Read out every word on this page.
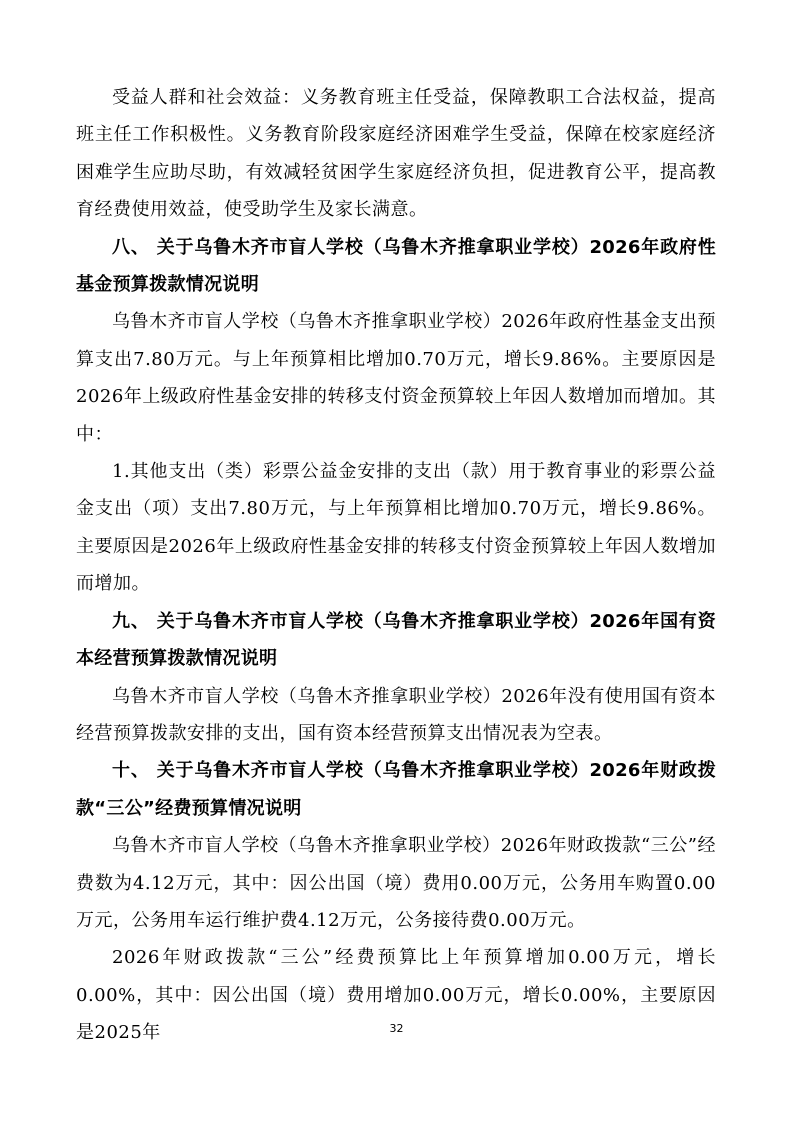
受益人群和社会效益：义务教育班主任受益，保障教职工合法权益，提高班主任工作积极性。义务教育阶段家庭经济困难学生受益，保障在校家庭经济困难学生应助尽助，有效减轻贫困学生家庭经济负担，促进教育公平，提高教育经费使用效益，使受助学生及家长满意。

八、 关于乌鲁木齐市盲人学校（乌鲁木齐推拿职业学校）2026年政府性基金预算拨款情况说明

乌鲁木齐市盲人学校（乌鲁木齐推拿职业学校）2026年政府性基金支出预算支出7.80万元。与上年预算相比增加0.70万元，增长9.86%。主要原因是2026年上级政府性基金安排的转移支付资金预算较上年因人数增加而增加。其中：

1.其他支出（类）彩票公益金安排的支出（款）用于教育事业的彩票公益金支出（项）支出7.80万元，与上年预算相比增加0.70万元，增长9.86%。主要原因是2026年上级政府性基金安排的转移支付资金预算较上年因人数增加而增加。

九、 关于乌鲁木齐市盲人学校（乌鲁木齐推拿职业学校）2026年国有资本经营预算拨款情况说明

乌鲁木齐市盲人学校（乌鲁木齐推拿职业学校）2026年没有使用国有资本经营预算拨款安排的支出，国有资本经营预算支出情况表为空表。

十、 关于乌鲁木齐市盲人学校（乌鲁木齐推拿职业学校）2026年财政拨款“三公”经费预算情况说明

乌鲁木齐市盲人学校（乌鲁木齐推拿职业学校）2026年财政拨款“三公”经费数为4.12万元，其中：因公出国（境）费用0.00万元，公务用车购置0.00万元，公务用车运行维护费4.12万元，公务接待费0.00万元。

2026年财政拨款“三公”经费预算比上年预算增加0.00万元，增长0.00%，其中：因公出国（境）费用增加0.00万元，增长0.00%，主要原因是2025年	32
